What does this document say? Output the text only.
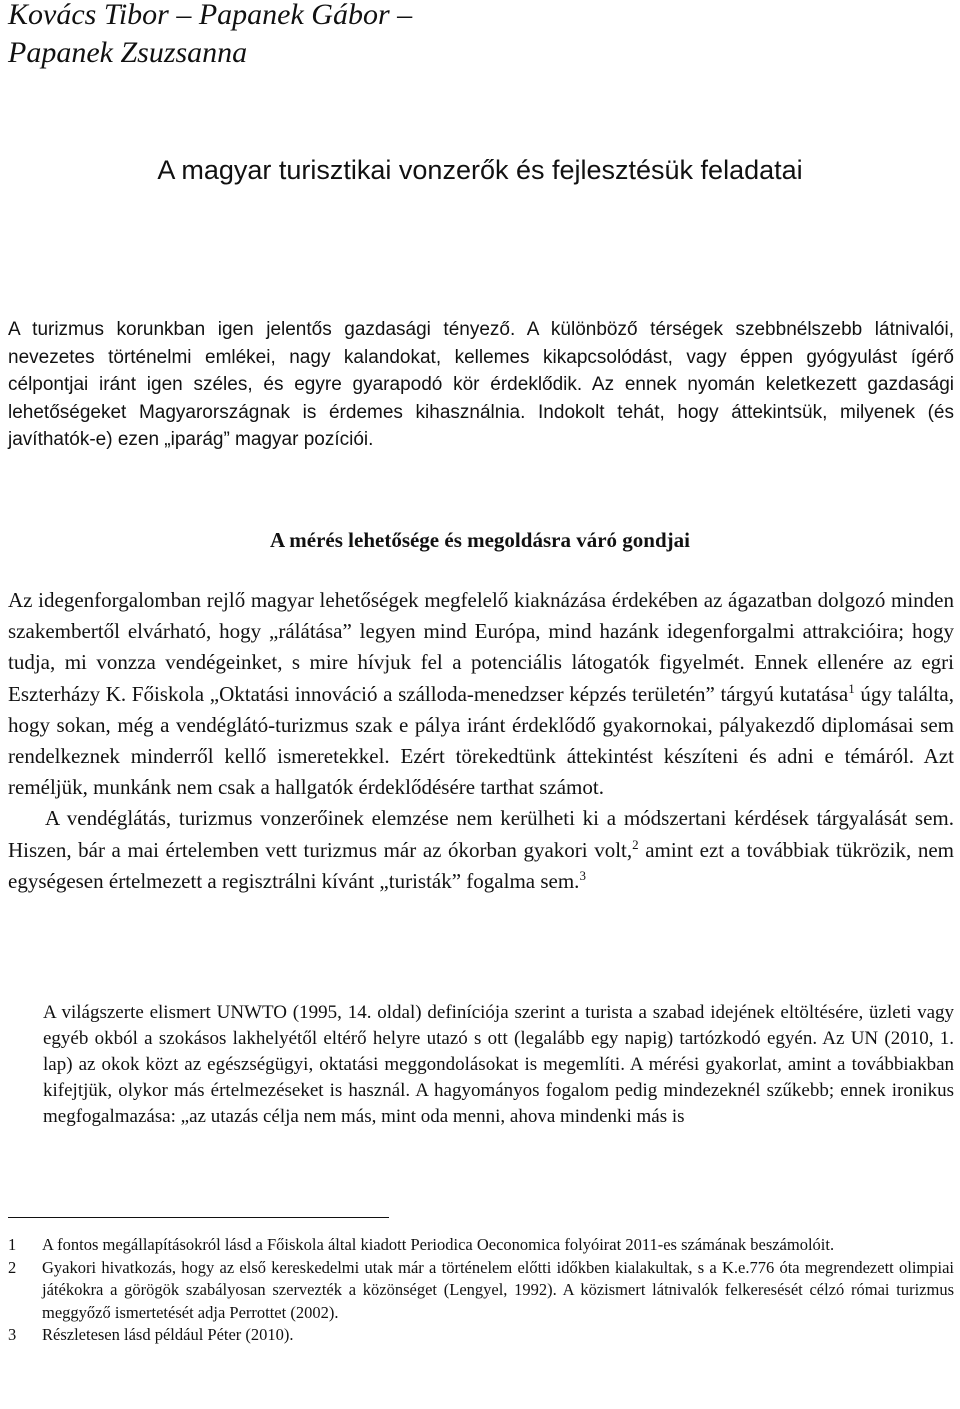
Kovács Tibor – Papanek Gábor –
Papanek Zsuzsanna
A magyar turisztikai vonzerők és fejlesztésük feladatai
A turizmus korunkban igen jelentős gazdasági tényező. A különböző térségek szebbnélszebb látnivalói, nevezetes történelmi emlékei, nagy kalandokat, kellemes kikapcsolódást, vagy éppen gyógyulást ígérő célpontjai iránt igen széles, és egyre gyarapodó kör érdeklődik. Az ennek nyomán keletkezett gazdasági lehetőségeket Magyarországnak is érdemes kihasználnia. Indokolt tehát, hogy áttekintsük, milyenek (és javíthatók-e) ezen „iparág” magyar pozíciói.
A mérés lehetősége és megoldásra váró gondjai

Az idegenforgalomban rejlő magyar lehetőségek megfelelő kiaknázása érdekében az ágazatban dolgozó minden szakembertől elvárható, hogy „rálátása” legyen mind Európa, mind hazánk idegenforgalmi attrakcióira; hogy tudja, mi vonzza vendégeinket, s mire hívjuk fel a potenciális látogatók figyelmét. Ennek ellenére az egri Eszterházy K. Főiskola „Oktatási innováció a szálloda-menedzser képzés területén” tárgyú kutatása$^1$ úgy találta, hogy sokan, még a vendéglátó-turizmus szak e pálya iránt érdeklődő gyakornokai, pályakezdő diplomásai sem rendelkeznek minderről kellő ismeretekkel. Ezért törekedtünk áttekintést készíteni és adni e témáról. Azt reméljük, munkánk nem csak a hallgatók érdeklődésére tarthat számot.

A vendéglátás, turizmus vonzerőinek elemzése nem kerülheti ki a módszertani kérdések tárgyalását sem. Hiszen, bár a mai értelemben vett turizmus már az ókorban gyakori volt,$^2$ amint ezt a továbbiak tükrözik, nem egységesen értelmezett a regisztrálni kívánt „turisták” fogalma sem.$^3$

A világszerte elismert UNWTO (1995, 14. oldal) definíciója szerint a turista a szabad idejének eltöltésére, üzleti vagy egyéb okból a szokásos lakhelyétől eltérő helyre utazó s ott (legalább egy napig) tartózkodó egyén. Az UN (2010, 1. lap) az okok közt az egészségügyi, oktatási meggondolásokat is megemlíti. A mérési gyakorlat, amint a továbbiakban kifejtjük, olykor más értelmezéseket is használ. A hagyományos fogalom pedig mindezeknél szűkebb; ennek ironikus megfogalmazása: „az utazás célja nem más, mint oda menni, ahova mindenki más is
1 A fontos megállapításokról lásd a Főiskola által kiadott Periodica Oeconomica folyóirat 2011-es számának beszámolóit.
2 Gyakori hivatkozás, hogy az első kereskedelmi utak már a történelem előtti időkben kialakultak, s a K.e.776 óta megrendezett olimpiai játékokra a görögök szabályosan szervezték a közönséget (Lengyel, 1992). A közismert látnivalók felkeresését célzó római turizmus meggyőző ismertetését adja Perrottet (2002).
3 Részletesen lásd például Péter (2010).
